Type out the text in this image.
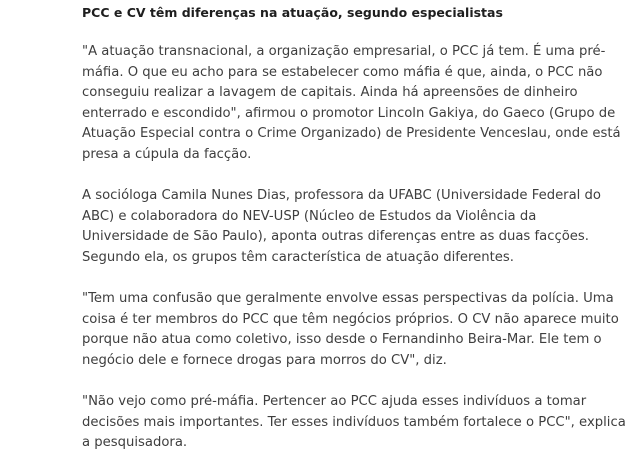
PCC e CV têm diferenças na atuação, segundo especialistas

"A atuação transnacional, a organização empresarial, o PCC já tem. É uma pré-
máfia. O que eu acho para se estabelecer como máfia é que, ainda, o PCC não
conseguiu realizar a lavagem de capitais. Ainda há apreensões de dinheiro
enterrado e escondido", afirmou o promotor Lincoln Gakiya, do Gaeco (Grupo de
Atuação Especial contra o Crime Organizado) de Presidente Venceslau, onde está
presa a cúpula da facção.

A socióloga Camila Nunes Dias, professora da UFABC (Universidade Federal do
ABC) e colaboradora do NEV-USP (Núcleo de Estudos da Violência da
Universidade de São Paulo), aponta outras diferenças entre as duas facções.
Segundo ela, os grupos têm característica de atuação diferentes.

"Tem uma confusão que geralmente envolve essas perspectivas da polícia. Uma
coisa é ter membros do PCC que têm negócios próprios. O CV não aparece muito
porque não atua como coletivo, isso desde o Fernandinho Beira-Mar. Ele tem o
negócio dele e fornece drogas para morros do CV", diz.

"Não vejo como pré-máfia. Pertencer ao PCC ajuda esses indivíduos a tomar
decisões mais importantes. Ter esses indivíduos também fortalece o PCC", explica
a pesquisadora.
